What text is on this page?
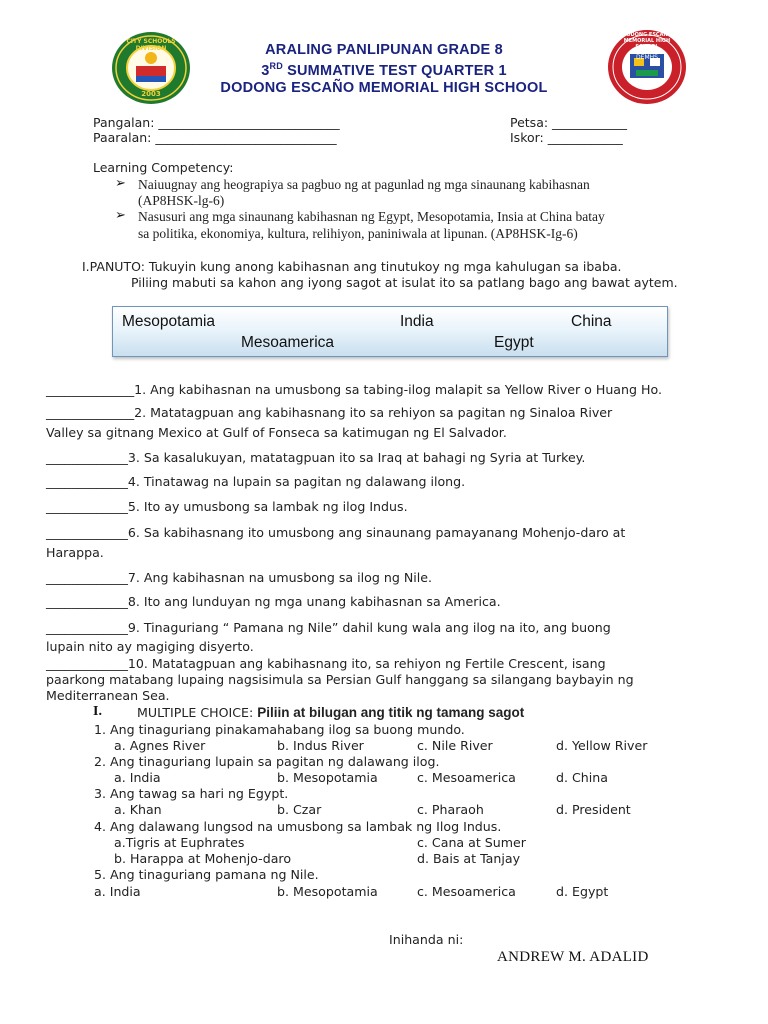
CITY SCHOOLS DIVISION
2003
DODONG ESCAÑO MEMORIAL HIGH SCHOOL
DEMHS
ARALING PANLIPUNAN GRADE 8
3RD SUMMATIVE TEST QUARTER 1
DODONG ESCAÑO MEMORIAL HIGH SCHOOL
Pangalan: _____________________________
Paaralan: _____________________________
Petsa: ____________
Iskor: ____________
Learning Competency:
➢ Naiuugnay ang heograpiya sa pagbuo ng at pagunlad ng mga sinaunang kabihasnan
(AP8HSK-lg-6)
➢ Nasusuri ang mga sinaunang kabihasnan ng Egypt, Mesopotamia, Insia at China batay
sa politika, ekonomiya, kultura, relihiyon, paniniwala at lipunan. (AP8HSK-Ig-6)
I.PANUTO: Tukuyin kung anong kabihasnan ang tinutukoy ng mga kahulugan sa ibaba.
Piliing mabuti sa kahon ang iyong sagot at isulat ito sa patlang bago ang bawat aytem.
Mesopotamia	India	China
Mesoamerica	Egypt
______________1. Ang kabihasnan na umusbong sa tabing-ilog malapit sa Yellow River o Huang Ho.
______________2. Matatagpuan ang kabihasnang ito sa rehiyon sa pagitan ng Sinaloa River
Valley sa gitnang Mexico at Gulf of Fonseca sa katimugan ng El Salvador.
_____________3. Sa kasalukuyan, matatagpuan ito sa Iraq at bahagi ng Syria at Turkey.
_____________4. Tinatawag na lupain sa pagitan ng dalawang ilong.
_____________5. Ito ay umusbong sa lambak ng ilog Indus.
_____________6. Sa kabihasnang ito umusbong ang sinaunang pamayanang Mohenjo-daro at
Harappa.
_____________7. Ang kabihasnan na umusbong sa ilog ng Nile.
_____________8. Ito ang lunduyan ng mga unang kabihasnan sa America.
_____________9. Tinaguriang “ Pamana ng Nile” dahil kung wala ang ilog na ito, ang buong
lupain nito ay magiging disyerto.
_____________10. Matatagpuan ang kabihasnang ito, sa rehiyon ng Fertile Crescent, isang
paarkong matabang lupaing nagsisimula sa Persian Gulf hanggang sa silangang baybayin ng
Mediterranean Sea.
I.	MULTIPLE CHOICE: Piliin at bilugan ang titik ng tamang sagot
1. Ang tinaguriang pinakamahabang ilog sa buong mundo.
a. Agnes River	b. Indus River	c. Nile River	d. Yellow River
2. Ang tinaguriang lupain sa pagitan ng dalawang ilog.
a. India	b. Mesopotamia	c. Mesoamerica	d. China
3. Ang tawag sa hari ng Egypt.
a. Khan	b. Czar	c. Pharaoh	d. President
4. Ang dalawang lungsod na umusbong sa lambak ng Ilog Indus.
a.Tigris at Euphrates	c. Cana at Sumer
b. Harappa at Mohenjo-daro	d. Bais at Tanjay
5. Ang tinaguriang pamana ng Nile.
a. India	b. Mesopotamia	c. Mesoamerica	d. Egypt
Inihanda ni:
ANDREW M. ADALID
